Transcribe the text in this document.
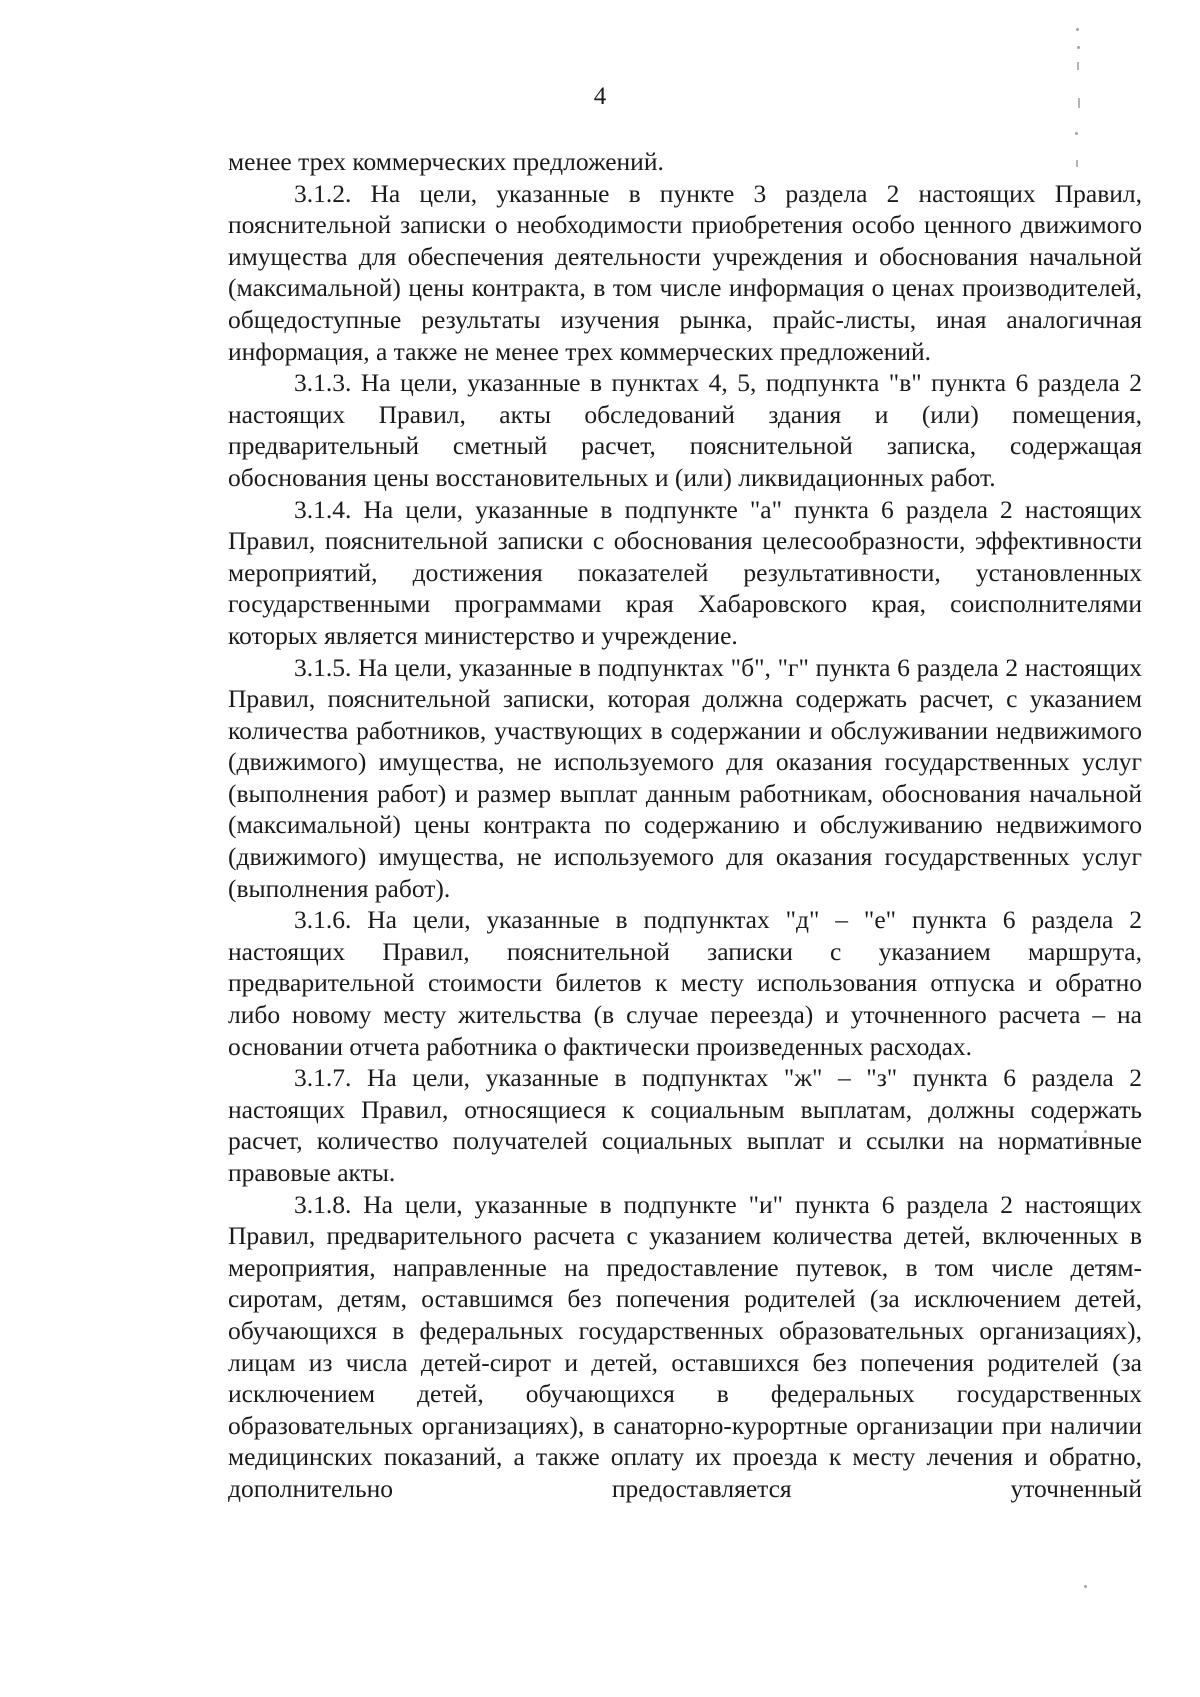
4

менее трех коммерческих предложений.

3.1.2. На цели, указанные в пункте 3 раздела 2 настоящих Правил, пояснительной записки о необходимости приобретения особо ценного движимого имущества для обеспечения деятельности учреждения и обоснования начальной (максимальной) цены контракта, в том числе информация о ценах производителей, общедоступные результаты изучения рынка, прайс-листы, иная аналогичная информация, а также не менее трех коммерческих предложений.

3.1.3. На цели, указанные в пунктах 4, 5, подпункта "в" пункта 6 раздела 2 настоящих Правил, акты обследований здания и (или) помещения, предварительный сметный расчет, пояснительной записка, содержащая обоснования цены восстановительных и (или) ликвидационных работ.

3.1.4. На цели, указанные в подпункте "а" пункта 6 раздела 2 настоящих Правил, пояснительной записки с обоснования целесообразности, эффективности мероприятий, достижения показателей результативности, установленных государственными программами края Хабаровского края, соисполнителями которых является министерство и учреждение.

3.1.5. На цели, указанные в подпунктах "б", "г" пункта 6 раздела 2 настоящих Правил, пояснительной записки, которая должна содержать расчет, с указанием количества работников, участвующих в содержании и обслуживании недвижимого (движимого) имущества, не используемого для оказания государственных услуг (выполнения работ) и размер выплат данным работникам, обоснования начальной (максимальной) цены контракта по содержанию и обслуживанию недвижимого (движимого) имущества, не используемого для оказания государственных услуг (выполнения работ).

3.1.6. На цели, указанные в подпунктах "д" – "е" пункта 6 раздела 2 настоящих Правил, пояснительной записки с указанием маршрута, предварительной стоимости билетов к месту использования отпуска и обратно либо новому месту жительства (в случае переезда) и уточненного расчета – на основании отчета работника о фактически произведенных расходах.

3.1.7. На цели, указанные в подпунктах "ж" – "з" пункта 6 раздела 2 настоящих Правил, относящиеся к социальным выплатам, должны содержать расчет, количество получателей социальных выплат и ссылки на нормативные правовые акты.

3.1.8. На цели, указанные в подпункте "и" пункта 6 раздела 2 настоящих Правил, предварительного расчета с указанием количества детей, включенных в мероприятия, направленные на предоставление путевок, в том числе детям-сиротам, детям, оставшимся без попечения родителей (за исключением детей, обучающихся в федеральных государственных образовательных организациях), лицам из числа детей-сирот и детей, оставшихся без попечения родителей (за исключением детей, обучающихся в федеральных государственных образовательных организациях), в санаторно-курортные организации при наличии медицинских показаний, а также оплату их проезда к месту лечения и обратно, дополнительно предоставляется уточненный
